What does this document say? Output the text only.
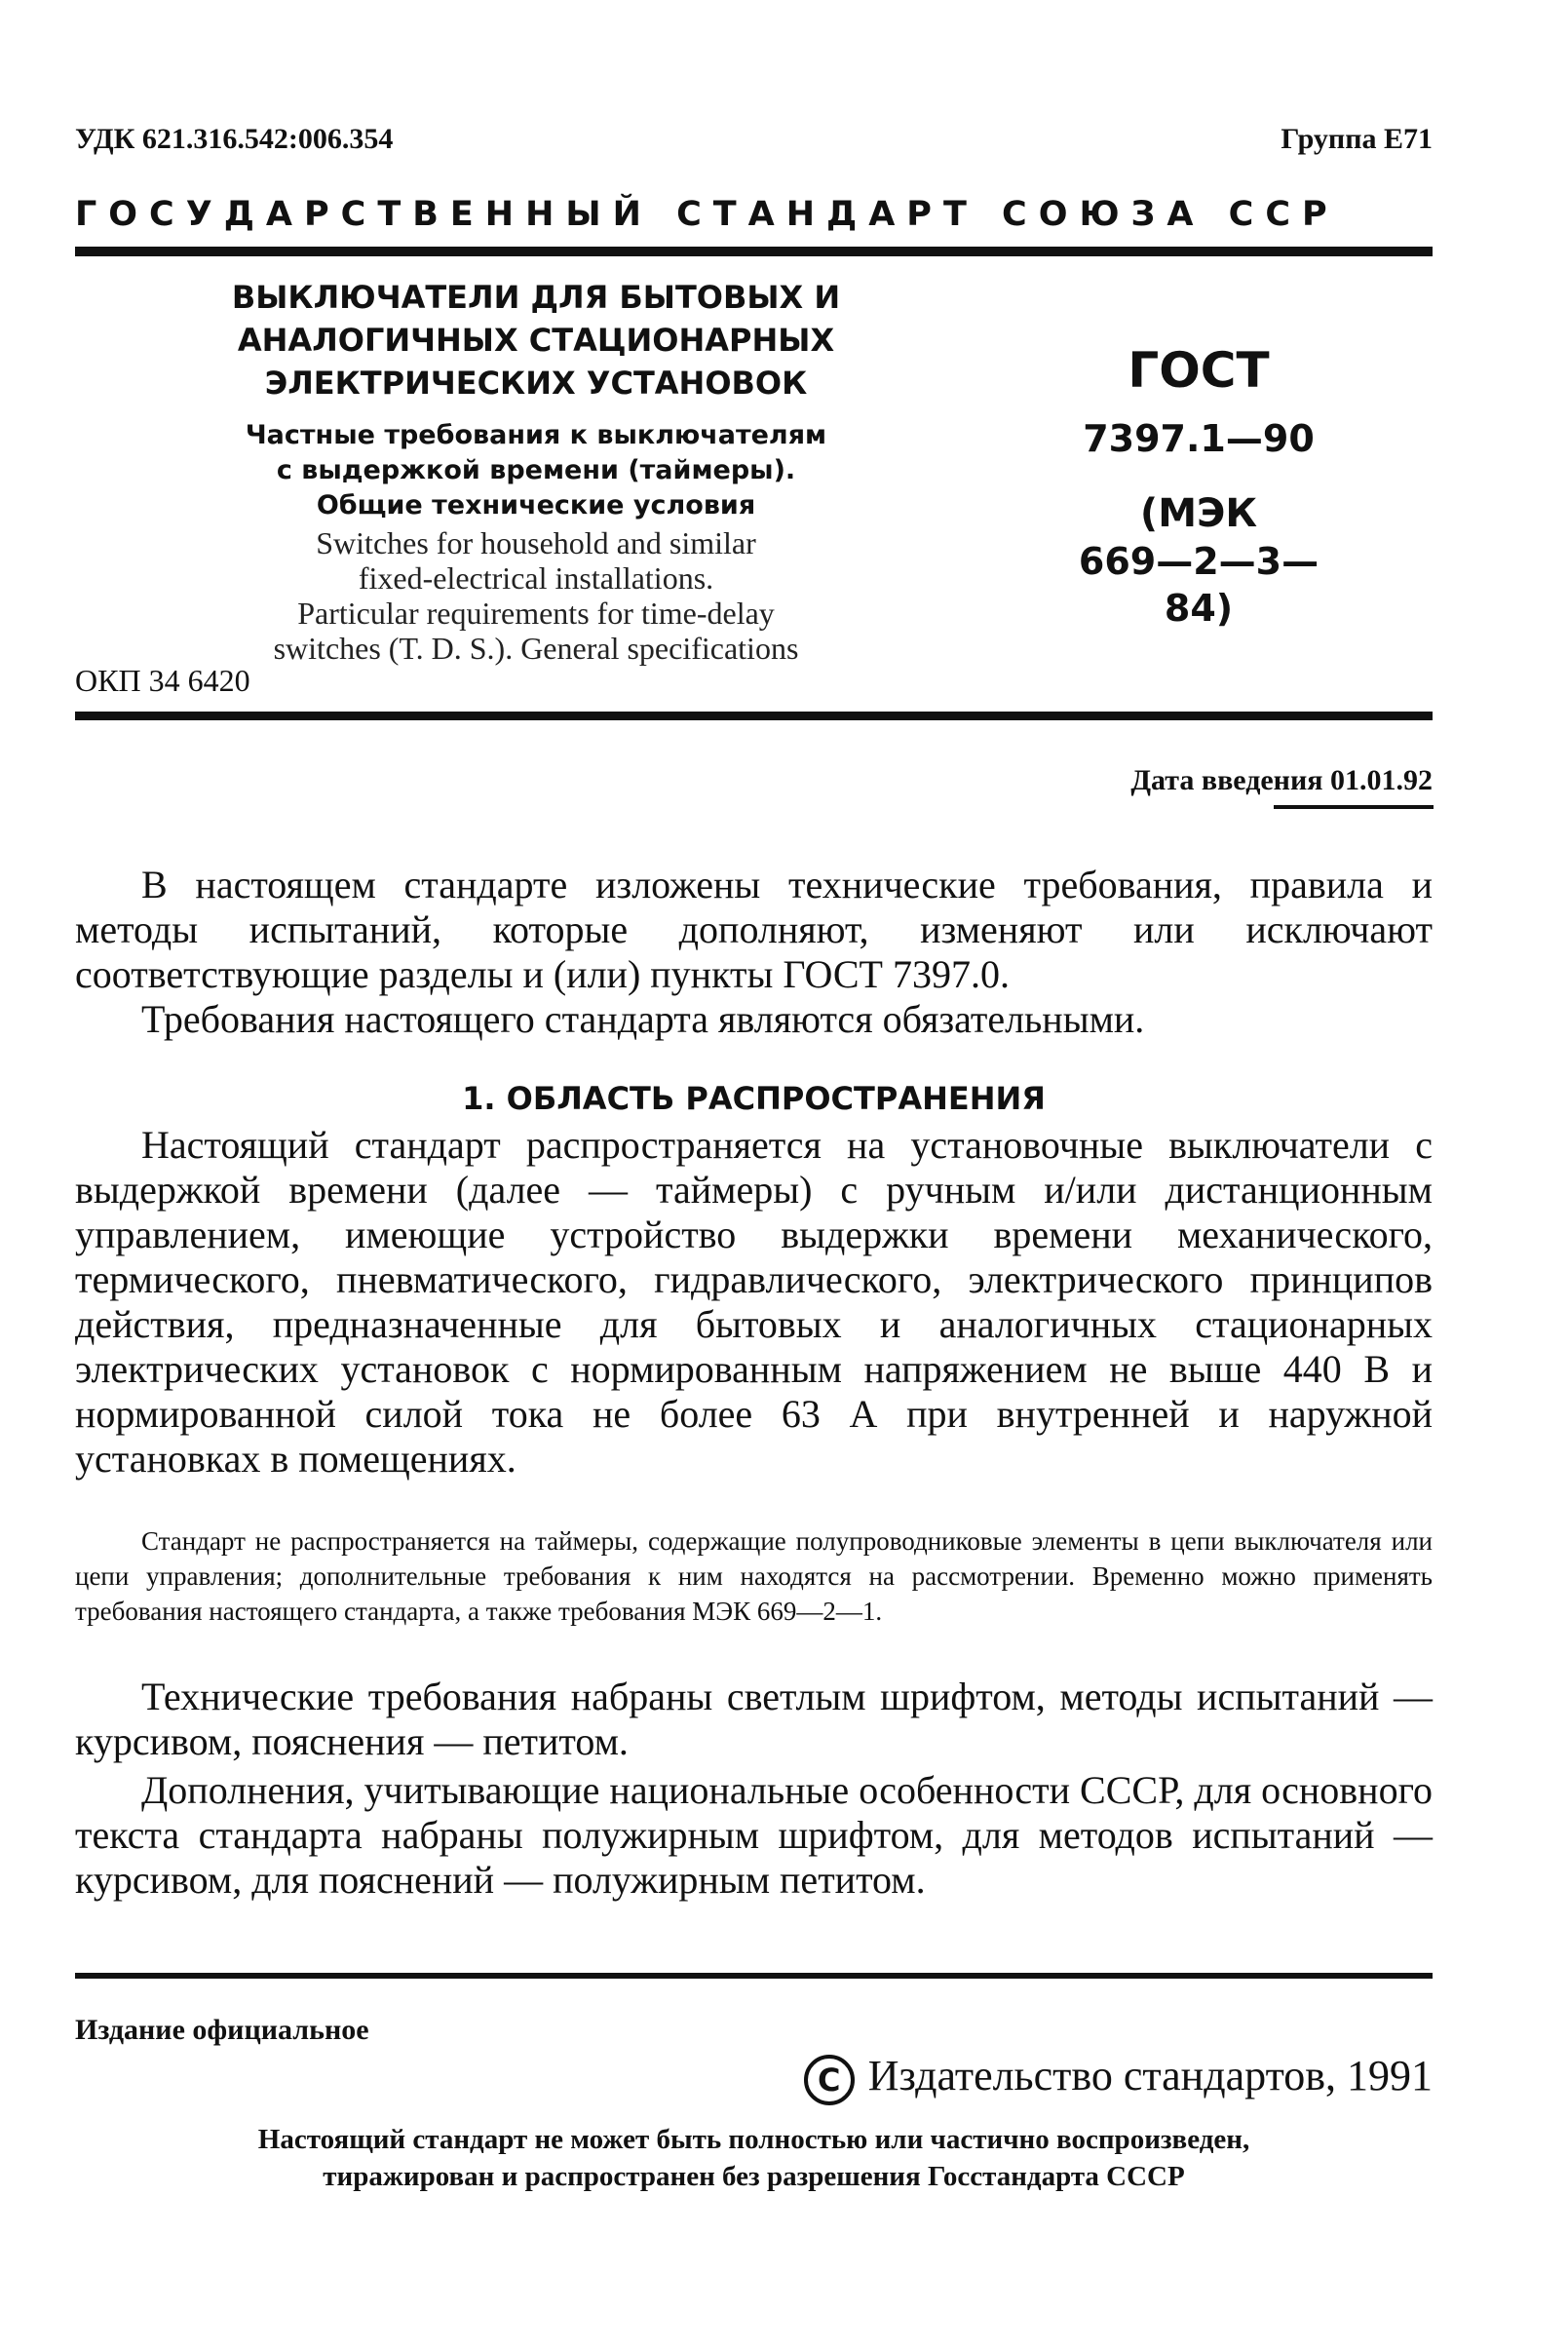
УДК 621.316.542:006.354	Группа Е71
ГОСУДАРСТВЕННЫЙ СТАНДАРТ СОЮЗА ССР
ВЫКЛЮЧАТЕЛИ ДЛЯ БЫТОВЫХ И
АНАЛОГИЧНЫХ СТАЦИОНАРНЫХ
ЭЛЕКТРИЧЕСКИХ УСТАНОВОК
Частные требования к выключателям
с выдержкой времени (таймеры).
Общие технические условия
Switches for household and similar
fixed-electrical installations.
Particular requirements for time-delay
switches (T. D. S.). General specifications
ОКП 34 6420
ГОСТ
7397.1—90
(МЭК
669—2—3—84)
Дата введения 01.01.92

В настоящем стандарте изложены технические требования, правила и методы испытаний, которые дополняют, изменяют или исключают соответствующие разделы и (или) пункты ГОСТ 7397.0.

Требования настоящего стандарта являются обязательными.

1. ОБЛАСТЬ РАСПРОСТРАНЕНИЯ

Настоящий стандарт распространяется на установочные выключатели с выдержкой времени (далее — таймеры) с ручным и/или дистанционным управлением, имеющие устройство выдержки времени механического, термического, пневматического, гидравлического, электрического принципов действия, предназначенные для бытовых и аналогичных стационарных электрических установок с нормированным напряжением не выше 440 В и нормированной силой тока не более 63 А при внутренней и наружной установках в помещениях.

Стандарт не распространяется на таймеры, содержащие полупроводниковые элементы в цепи выключателя или цепи управления; дополнительные требования к ним находятся на рассмотрении. Временно можно применять требования настоящего стандарта, а также требования МЭК 669—2—1.

Технические требования набраны светлым шрифтом, методы испытаний — курсивом, пояснения — петитом.

Дополнения, учитывающие национальные особенности СССР, для основного текста стандарта набраны полужирным шрифтом, для методов испытаний — курсивом, для пояснений — полужирным петитом.

Издание официальное
С Издательство стандартов, 1991
Настоящий стандарт не может быть полностью или частично воспроизведен,
тиражирован и распространен без разрешения Госстандарта СССР
